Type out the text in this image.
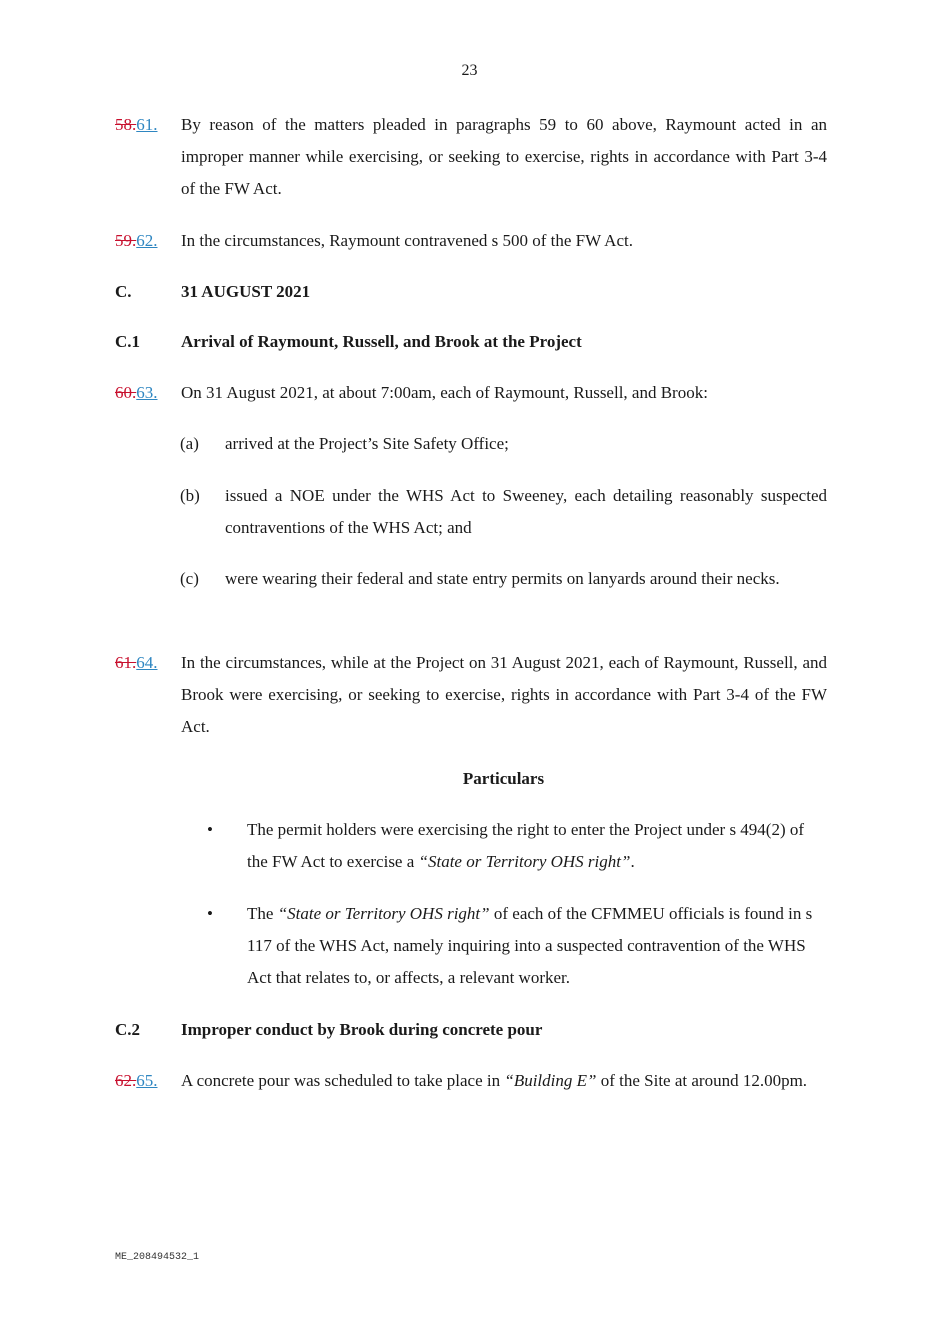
23
58.61.	By reason of the matters pleaded in paragraphs 59 to 60 above, Raymount acted in an improper manner while exercising, or seeking to exercise, rights in accordance with Part 3-4 of the FW Act.
59.62.	In the circumstances, Raymount contravened s 500 of the FW Act.
C.	31 AUGUST 2021
C.1 Arrival of Raymount, Russell, and Brook at the Project
60.63.	On 31 August 2021, at about 7:00am, each of Raymount, Russell, and Brook:
(a)	arrived at the Project’s Site Safety Office;
(b)	issued a NOE under the WHS Act to Sweeney, each detailing reasonably suspected contraventions of the WHS Act; and
(c)	were wearing their federal and state entry permits on lanyards around their necks.
61.64.	In the circumstances, while at the Project on 31 August 2021, each of Raymount, Russell, and Brook were exercising, or seeking to exercise, rights in accordance with Part 3-4 of the FW Act.
Particulars
• The permit holders were exercising the right to enter the Project under s 494(2) of the FW Act to exercise a “State or Territory OHS right”.
• The “State or Territory OHS right” of each of the CFMMEU officials is found in s 117 of the WHS Act, namely inquiring into a suspected contravention of the WHS Act that relates to, or affects, a relevant worker.
C.2 Improper conduct by Brook during concrete pour
62.65.	A concrete pour was scheduled to take place in “Building E” of the Site at around 12.00pm.
ME_208494532_1
